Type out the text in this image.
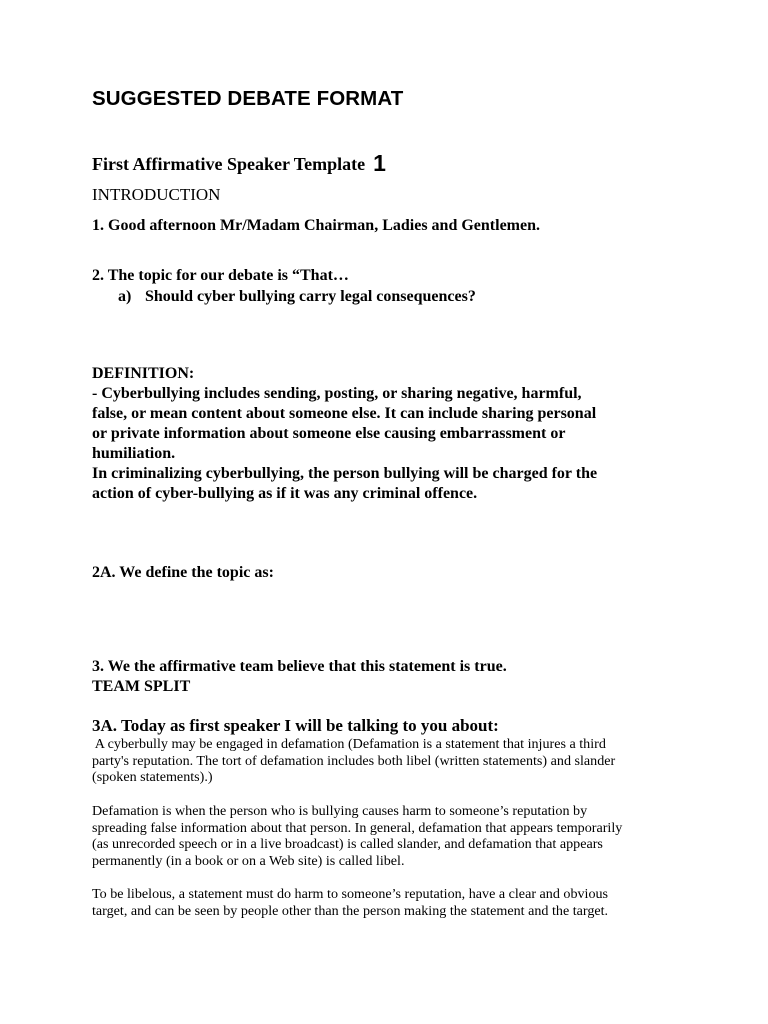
SUGGESTED DEBATE FORMAT
First Affirmative Speaker Template 1
INTRODUCTION
1. Good afternoon Mr/Madam Chairman, Ladies and Gentlemen.
2. The topic for our debate is “That…
a) Should cyber bullying carry legal consequences?
DEFINITION:
- Cyberbullying includes sending, posting, or sharing negative, harmful,
false, or mean content about someone else. It can include sharing personal
or private information about someone else causing embarrassment or
humiliation.
In criminalizing cyberbullying, the person bullying will be charged for the
action of cyber-bullying as if it was any criminal offence.
2A. We define the topic as:
3. We the affirmative team believe that this statement is true.
TEAM SPLIT
3A. Today as first speaker I will be talking to you about:
A cyberbully may be engaged in defamation (Defamation is a statement that injures a third
party's reputation. The tort of defamation includes both libel (written statements) and slander
(spoken statements).)
Defamation is when the person who is bullying causes harm to someone’s reputation by
spreading false information about that person. In general, defamation that appears temporarily
(as unrecorded speech or in a live broadcast) is called slander, and defamation that appears
permanently (in a book or on a Web site) is called libel.
To be libelous, a statement must do harm to someone’s reputation, have a clear and obvious
target, and can be seen by people other than the person making the statement and the target.
